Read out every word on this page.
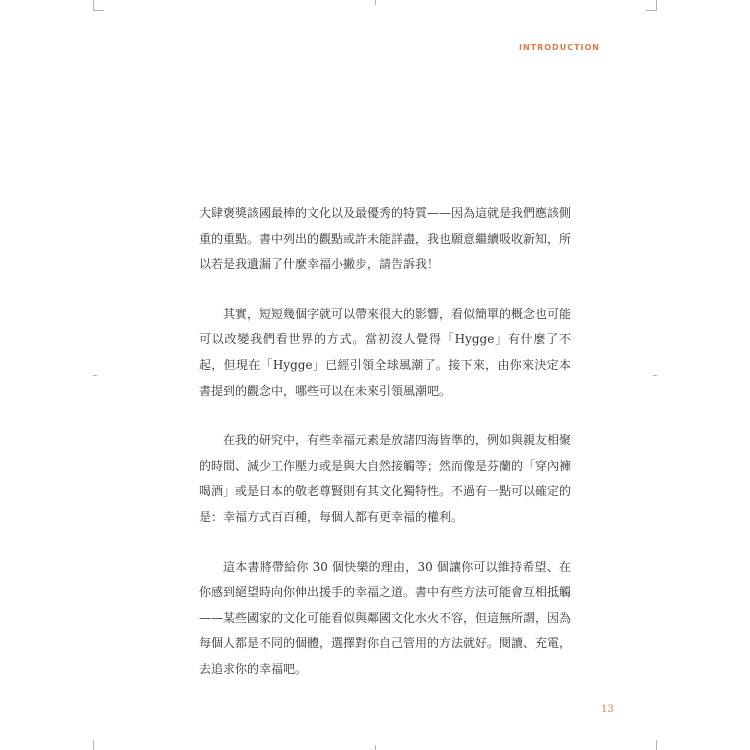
INTRODUCTION

大肆褒獎該國最棒的文化以及最優秀的特質——因為這就是我們應該側重的重點。書中列出的觀點或許未能詳盡，我也願意繼續吸收新知，所以若是我遺漏了什麼幸福小撇步，請告訴我！

其實，短短幾個字就可以帶來很大的影響，看似簡單的概念也可能可以改變我們看世界的方式。當初沒人覺得「Hygge」有什麼了不起，但現在「Hygge」已經引領全球風潮了。接下來，由你來決定本書提到的觀念中，哪些可以在未來引領風潮吧。

在我的研究中，有些幸福元素是放諸四海皆準的，例如與親友相聚的時間、減少工作壓力或是與大自然接觸等；然而像是芬蘭的「穿內褲喝酒」或是日本的敬老尊賢則有其文化獨特性。不過有一點可以確定的是：幸福方式百百種，每個人都有更幸福的權利。

這本書將帶給你 30 個快樂的理由，30 個讓你可以維持希望、在你感到絕望時向你伸出援手的幸福之道。書中有些方法可能會互相抵觸——某些國家的文化可能看似與鄰國文化水火不容，但這無所謂，因為每個人都是不同的個體，選擇對你自己管用的方法就好。閱讀、充電，去追求你的幸福吧。

13
